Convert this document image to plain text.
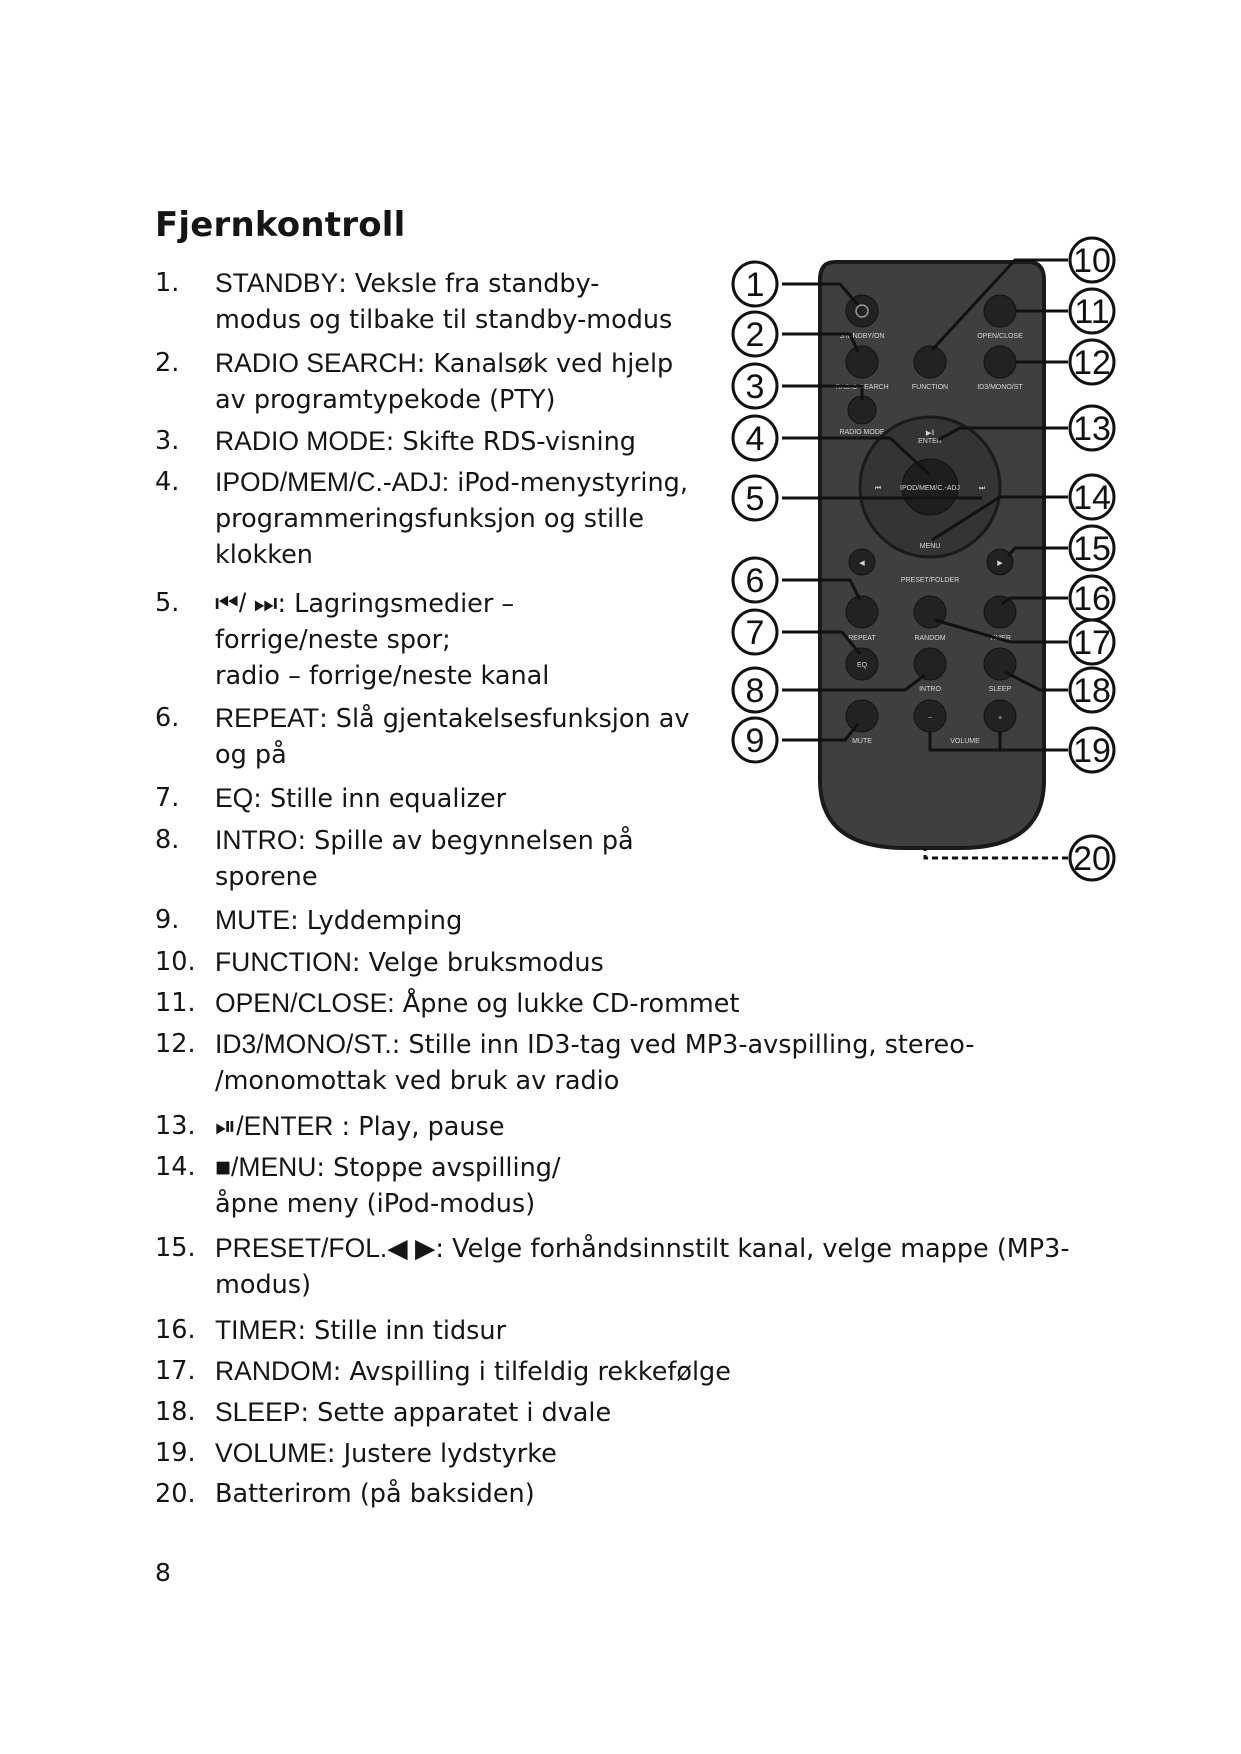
Fjernkontroll
1.	STANDBY: Veksle fra standby-
modus og tilbake til standby-modus
2.	RADIO SEARCH: Kanalsøk ved hjelp
av programtypekode (PTY)
3.	RADIO MODE: Skifte RDS-visning
4.	IPOD/MEM/C.-ADJ: iPod-menystyring,
programmeringsfunksjon og stille
klokken
5.	⏮/ ⏭: Lagringsmedier –
forrige/neste spor;
radio – forrige/neste kanal
6.	REPEAT: Slå gjentakelsesfunksjon av
og på
7.	EQ: Stille inn equalizer
8.	INTRO: Spille av begynnelsen på
sporene
9.	MUTE: Lyddemping
10. FUNCTION: Velge bruksmodus
11. OPEN/CLOSE: Åpne og lukke CD-rommet
12. ID3/MONO/ST.: Stille inn ID3-tag ved MP3-avspilling, stereo-
/monomottak ved bruk av radio
13. ⏯/ENTER : Play, pause
14. ■/MENU: Stoppe avspilling/
åpne meny (iPod-modus)
15. PRESET/FOL.◀ ▶: Velge forhåndsinnstilt kanal, velge mappe (MP3-
modus)
16. TIMER: Stille inn tidsur
17. RANDOM: Avspilling i tilfeldig rekkefølge
18. SLEEP: Sette apparatet i dvale
19. VOLUME: Justere lydstyrke
20. Batterirom (på baksiden)
STANDBY/ON	OPEN/CLOSE
RADIO SEARCH	FUNCTION	ID3/MONO/ST
RADIO MODE
ENTER
▶‖
⏮	⏭
IPOD/MEM/C.-ADJ
MENU
◀	▶
PRESET/FOLDER
REPEAT	RANDOM	TIMER
EQ
INTRO	SLEEP
MUTE
−	+
VOLUME
1
2
3
4
5
6
7
8
9
10
11
12
13
14
15
16
17
18
19
20
8
